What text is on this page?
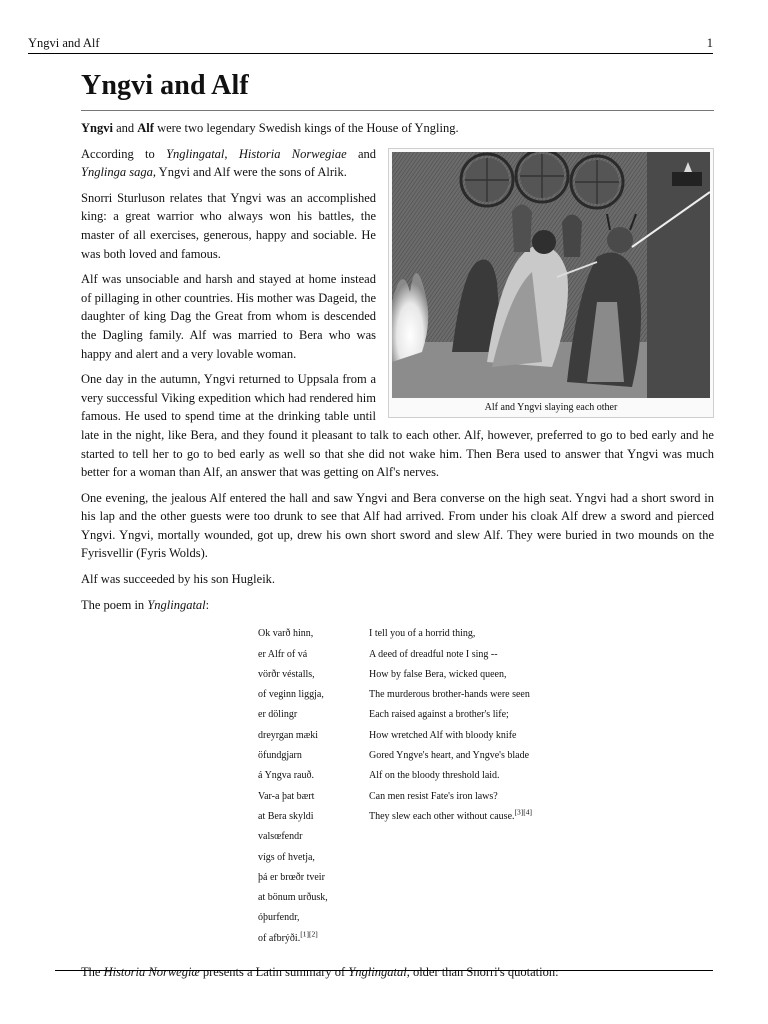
Yngvi and Alf	1
Yngvi and Alf

Yngvi and Alf were two legendary Swedish kings of the House of Yngling.

Alf and Yngvi slaying each other

According to Ynglingatal, Historia Norwegiae and Ynglinga saga, Yngvi and Alf were the sons of Alrik.

Snorri Sturluson relates that Yngvi was an accomplished king: a great warrior who always won his battles, the master of all exercises, generous, happy and sociable. He was both loved and famous.

Alf was unsociable and harsh and stayed at home instead of pillaging in other countries. His mother was Dageid, the daughter of king Dag the Great from whom is descended the Dagling family. Alf was married to Bera who was happy and alert and a very lovable woman.

One day in the autumn, Yngvi returned to Uppsala from a very successful Viking expedition which had rendered him famous. He used to spend time at the drinking table until late in the night, like Bera, and they found it pleasant to talk to each other. Alf, however, preferred to go to bed early and he started to tell her to go to bed early as well so that she did not wake him. Then Bera used to answer that Yngvi was much better for a woman than Alf, an answer that was getting on Alf's nerves.

One evening, the jealous Alf entered the hall and saw Yngvi and Bera converse on the high seat. Yngvi had a short sword in his lap and the other guests were too drunk to see that Alf had arrived. From under his cloak Alf drew a sword and pierced Yngvi. Yngvi, mortally wounded, got up, drew his own short sword and slew Alf. They were buried in two mounds on the Fyrisvellir (Fyris Wolds).

Alf was succeeded by his son Hugleik.

The poem in Ynglingatal:

Ok varð hinn,
er Alfr of vá
vörðr véstalls,
of veginn liggja,
er dölingr
dreyrgan mæki
öfundgjarn
á Yngva rauð.
Var-a þat bært
at Bera skyldi
valsœfendr
vígs of hvetja,
þá er brœðr tveir
at bönum urðusk,
óþurfendr,
of afbrýði.[1][2]
I tell you of a horrid thing,
A deed of dreadful note I sing --
How by false Bera, wicked queen,
The murderous brother-hands were seen
Each raised against a brother's life;
How wretched Alf with bloody knife
Gored Yngve's heart, and Yngve's blade
Alf on the bloody threshold laid.
Can men resist Fate's iron laws?
They slew each other without cause.[3][4]

The Historia Norwegiæ presents a Latin summary of Ynglingatal, older than Snorri's quotation:
